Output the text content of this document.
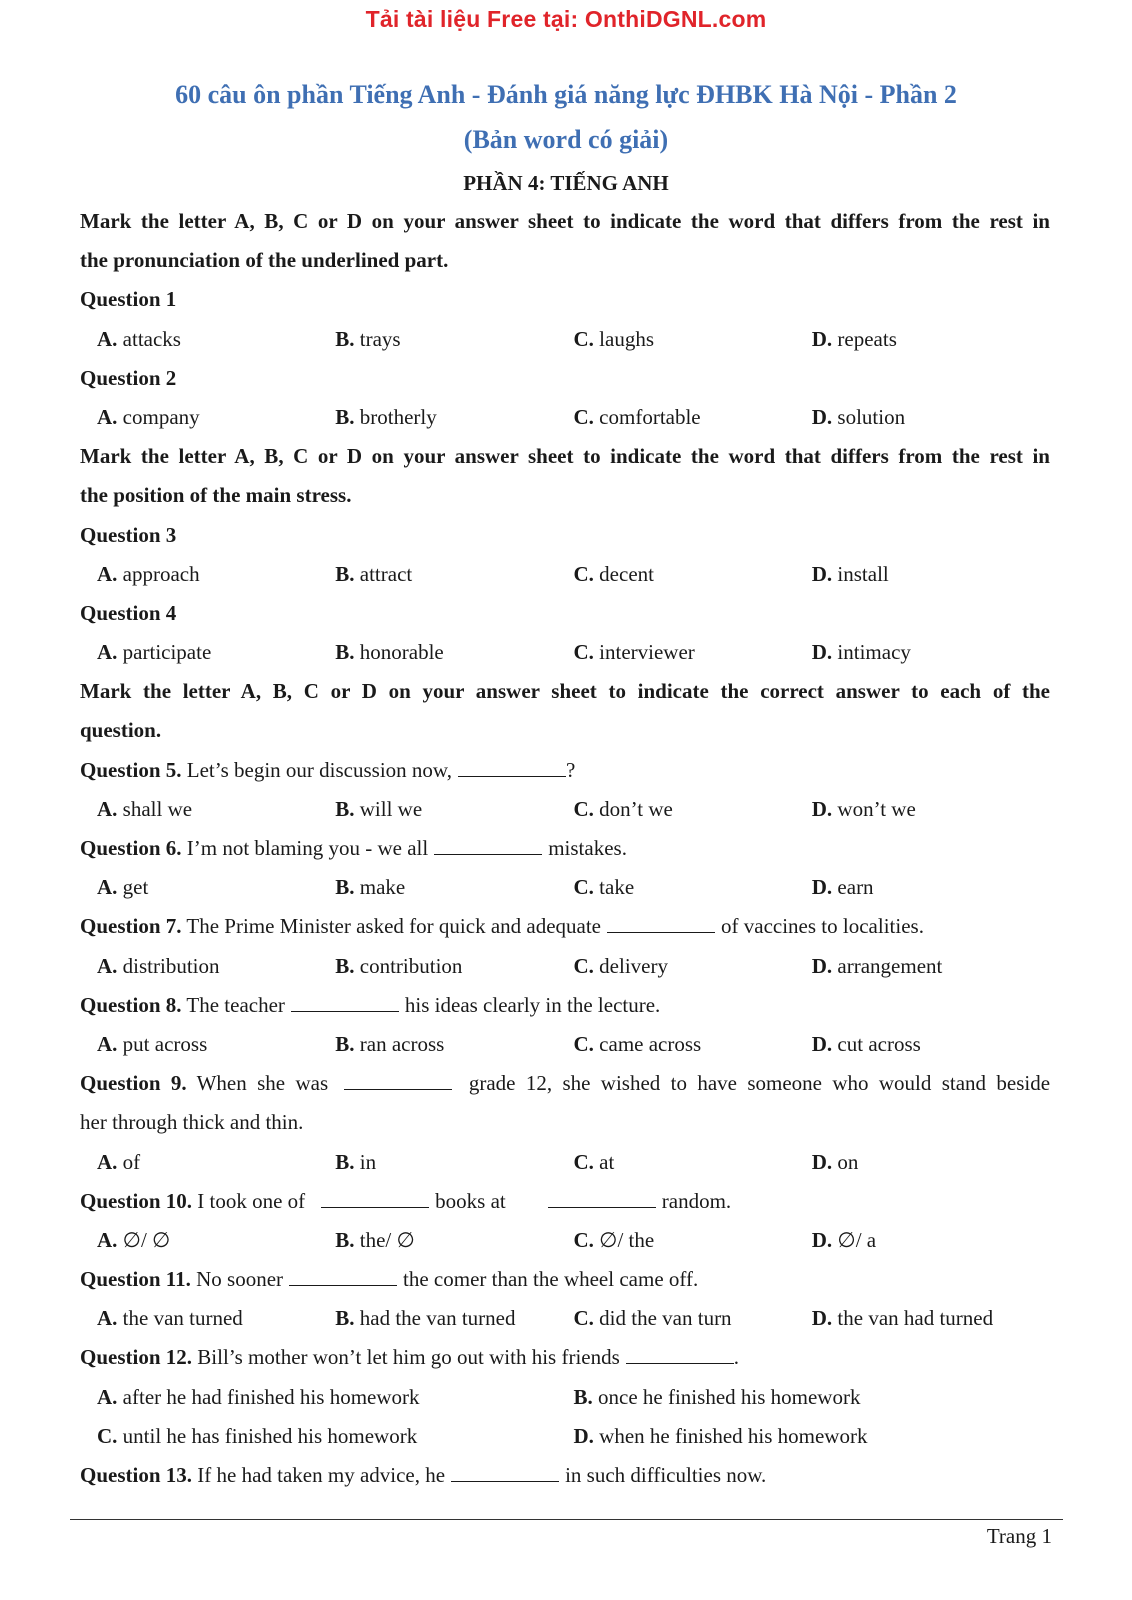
Tải tài liệu Free tại: OnthiDGNL.com
60 câu ôn phần Tiếng Anh - Đánh giá năng lực ĐHBK Hà Nội - Phần 2
(Bản word có giải)
PHẦN 4: TIẾNG ANH
Mark the letter A, B, C or D on your answer sheet to indicate the word that differs from the rest in
the pronunciation of the underlined part.
Question 1
A. attacks	B. trays	C. laughs	D. repeats
Question 2
A. company	B. brotherly	C. comfortable	D. solution
Mark the letter A, B, C or D on your answer sheet to indicate the word that differs from the rest in
the position of the main stress.
Question 3
A. approach	B. attract	C. decent	D. install
Question 4
A. participate	B. honorable	C. interviewer	D. intimacy
Mark the letter A, B, C or D on your answer sheet to indicate the correct answer to each of the
question.
Question 5. Let’s begin our discussion now,	?
A. shall we	B. will we	C. don’t we	D. won’t we
Question 6. I’m not blaming you - we all	mistakes.
A. get	B. make	C. take	D. earn
Question 7. The Prime Minister asked for quick and adequate	of vaccines to localities.
A. distribution	B. contribution	C. delivery	D. arrangement
Question 8. The teacher	his ideas clearly in the lecture.
A. put across	B. ran across	C. came across	D. cut across
Question 9. When she was	grade 12, she wished to have someone who would stand beside
her through thick and thin.
A. of	B. in	C. at	D. on
Question 10. I took one of	books at	random.
A. ∅/ ∅	B. the/ ∅	C. ∅/ the	D. ∅/ a
Question 11. No sooner	the comer than the wheel came off.
A. the van turned	B. had the van turned	C. did the van turn	D. the van had turned
Question 12. Bill’s mother won’t let him go out with his friends	.
A. after he had finished his homework	B. once he finished his homework
C. until he has finished his homework	D. when he finished his homework
Question 13. If he had taken my advice, he	in such difficulties now.
Trang 1
